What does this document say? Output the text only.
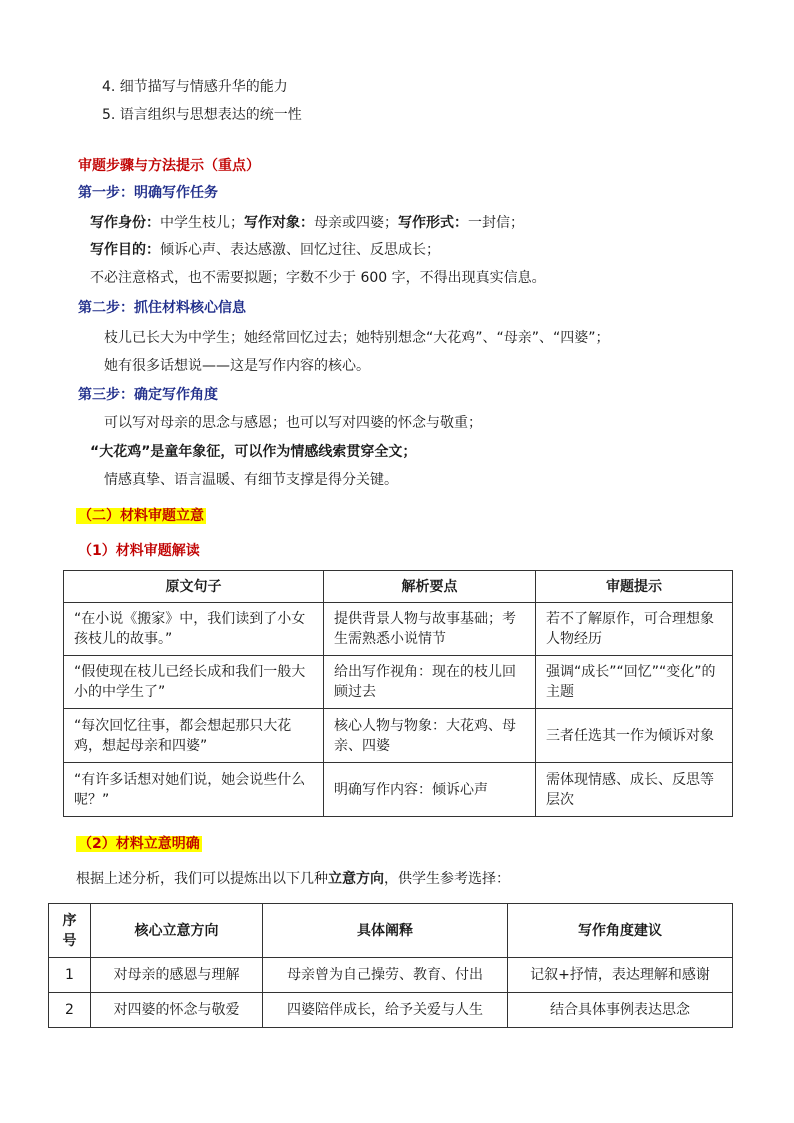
4. 细节描写与情感升华的能力
5. 语言组织与思想表达的统一性
审题步骤与方法提示（重点）
第一步：明确写作任务
写作身份：中学生枝儿；写作对象：母亲或四婆；写作形式：一封信；
写作目的：倾诉心声、表达感激、回忆过往、反思成长；
不必注意格式，也不需要拟题；字数不少于 600 字，不得出现真实信息。
第二步：抓住材料核心信息
枝儿已长大为中学生；她经常回忆过去；她特别想念“大花鸡”、“母亲”、“四婆”；
她有很多话想说——这是写作内容的核心。
第三步：确定写作角度
可以写对母亲的思念与感恩；也可以写对四婆的怀念与敬重；
“大花鸡”是童年象征，可以作为情感线索贯穿全文；
情感真挚、语言温暖、有细节支撑是得分关键。
（二）材料审题立意
（1）材料审题解读
原文句子	解析要点	审题提示
“在小说《搬家》中，我们读到了小女孩枝儿的故事。”	提供背景人物与故事基础；考生需熟悉小说情节	若不了解原作，可合理想象人物经历
“假使现在枝儿已经长成和我们一般大小的中学生了”	给出写作视角：现在的枝儿回顾过去	强调“成长”“回忆”“变化”的主题
“每次回忆往事，都会想起那只大花鸡，想起母亲和四婆”	核心人物与物象：大花鸡、母亲、四婆	三者任选其一作为倾诉对象
“有许多话想对她们说，她会说些什么呢？”	明确写作内容：倾诉心声	需体现情感、成长、反思等层次
（2）材料立意明确
根据上述分析，我们可以提炼出以下几种立意方向，供学生参考选择：
序号	核心立意方向	具体阐释	写作角度建议
1	对母亲的感恩与理解	母亲曾为自己操劳、教育、付出	记叙+抒情，表达理解和感谢
2	对四婆的怀念与敬爱	四婆陪伴成长，给予关爱与人生	结合具体事例表达思念
